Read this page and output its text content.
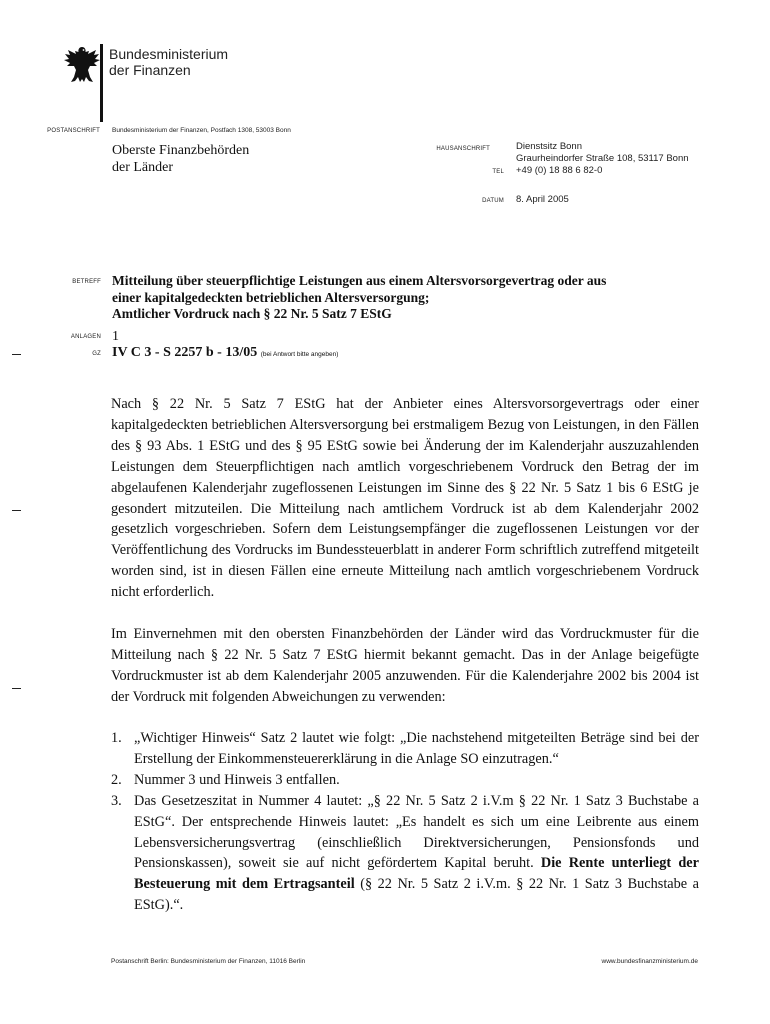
Bundesministerium
der Finanzen
POSTANSCHRIFT Bundesministerium der Finanzen, Postfach 1308, 53003 Bonn
Oberste Finanzbehörden
der Länder
HAUSANSCHRIFT	Dienstsitz Bonn
Graurheindorfer Straße 108, 53117 Bonn
TEL +49 (0) 18 88 6 82-0
DATUM 8. April 2005
BETREFF Mitteilung über steuerpflichtige Leistungen aus einem Altersvorsorgevertrag oder aus
einer kapitalgedeckten betrieblichen Altersversorgung;
Amtlicher Vordruck nach § 22 Nr. 5 Satz 7 EStG
ANLAGEN 1
GZ IV C 3 - S 2257 b - 13/05 (bei Antwort bitte angeben)
Nach § 22 Nr. 5 Satz 7 EStG hat der Anbieter eines Altersvorsorgevertrags oder einer kapitalgedeckten betrieblichen Altersversorgung bei erstmaligem Bezug von Leistungen, in den Fällen des § 93 Abs. 1 EStG und des § 95 EStG sowie bei Änderung der im Kalenderjahr auszuzahlenden Leistungen dem Steuerpflichtigen nach amtlich vorgeschriebenem Vordruck den Betrag der im abgelaufenen Kalenderjahr zugeflossenen Leistungen im Sinne des § 22 Nr. 5 Satz 1 bis 6 EStG je gesondert mitzuteilen. Die Mitteilung nach amtlichem Vordruck ist ab dem Kalenderjahr 2002 gesetzlich vorgeschrieben. Sofern dem Leistungsempfänger die zugeflossenen Leistungen vor der Veröffentlichung des Vordrucks im Bundessteuerblatt in anderer Form schriftlich zutreffend mitgeteilt worden sind, ist in diesen Fällen eine erneute Mitteilung nach amtlich vorgeschriebenem Vordruck nicht erforderlich.
Im Einvernehmen mit den obersten Finanzbehörden der Länder wird das Vordruckmuster für die Mitteilung nach § 22 Nr. 5 Satz 7 EStG hiermit bekannt gemacht. Das in der Anlage beigefügte Vordruckmuster ist ab dem Kalenderjahr 2005 anzuwenden. Für die Kalenderjahre 2002 bis 2004 ist der Vordruck mit folgenden Abweichungen zu verwenden:
1. „Wichtiger Hinweis“ Satz 2 lautet wie folgt: „Die nachstehend mitgeteilten Beträge sind bei der Erstellung der Einkommensteuererklärung in die Anlage SO einzutragen.“
2. Nummer 3 und Hinweis 3 entfallen.
3. Das Gesetzeszitat in Nummer 4 lautet: „§ 22 Nr. 5 Satz 2 i.V.m § 22 Nr. 1 Satz 3 Buchstabe a EStG“. Der entsprechende Hinweis lautet: „Es handelt es sich um eine Leibrente aus einem Lebensversicherungsvertrag (einschließlich Direktversicherungen, Pensionsfonds und Pensionskassen), soweit sie auf nicht gefördertem Kapital beruht. Die Rente unterliegt der Besteuerung mit dem Ertragsanteil (§ 22 Nr. 5 Satz 2 i.V.m. § 22 Nr. 1 Satz 3 Buchstabe a EStG).“.
Postanschrift Berlin: Bundesministerium der Finanzen, 11016 Berlin	www.bundesfinanzministerium.de
